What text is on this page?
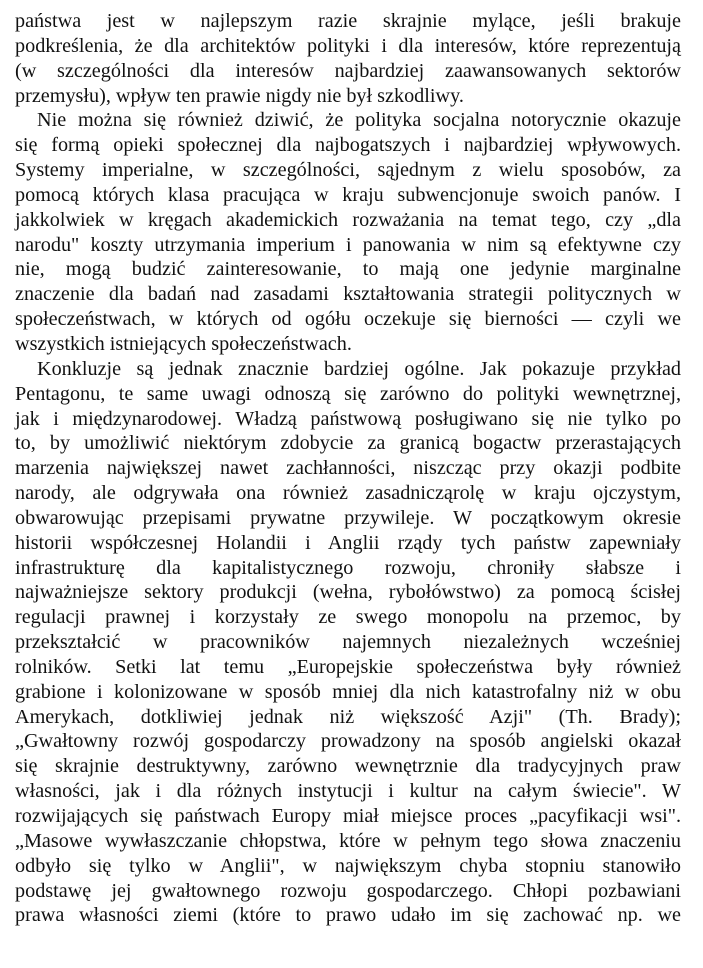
państwa jest w najlepszym razie skrajnie mylące, jeśli brakuje
podkreślenia, że dla architektów polityki i dla interesów, które reprezentują
(w szczególności dla interesów najbardziej zaawansowanych sektorów
przemysłu), wpływ ten prawie nigdy nie był szkodliwy.
Nie można się również dziwić, że polityka socjalna notorycznie okazuje
się formą opieki społecznej dla najbogatszych i najbardziej wpływowych.
Systemy imperialne, w szczególności, sąjednym z wielu sposobów, za
pomocą których klasa pracująca w kraju subwencjonuje swoich panów. I
jakkolwiek w kręgach akademickich rozważania na temat tego, czy „dla
narodu" koszty utrzymania imperium i panowania w nim są efektywne czy
nie, mogą budzić zainteresowanie, to mają one jedynie marginalne
znaczenie dla badań nad zasadami kształtowania strategii politycznych w
społeczeństwach, w których od ogółu oczekuje się bierności — czyli we
wszystkich istniejących społeczeństwach.
Konkluzje są jednak znacznie bardziej ogólne. Jak pokazuje przykład
Pentagonu, te same uwagi odnoszą się zarówno do polityki wewnętrznej,
jak i międzynarodowej. Władzą państwową posługiwano się nie tylko po
to, by umożliwić niektórym zdobycie za granicą bogactw przerastających
marzenia największej nawet zachłanności, niszcząc przy okazji podbite
narody, ale odgrywała ona również zasadnicząrolę w kraju ojczystym,
obwarowując przepisami prywatne przywileje. W początkowym okresie
historii współczesnej Holandii i Anglii rządy tych państw zapewniały
infrastrukturę dla kapitalistycznego rozwoju, chroniły słabsze i
najważniejsze sektory produkcji (wełna, rybołówstwo) za pomocą ścisłej
regulacji prawnej i korzystały ze swego monopolu na przemoc, by
przekształcić w pracowników najemnych niezależnych wcześniej
rolników. Setki lat temu „Europejskie społeczeństwa były również
grabione i kolonizowane w sposób mniej dla nich katastrofalny niż w obu
Amerykach, dotkliwiej jednak niż większość Azji" (Th. Brady);
„Gwałtowny rozwój gospodarczy prowadzony na sposób angielski okazał
się skrajnie destruktywny, zarówno wewnętrznie dla tradycyjnych praw
własności, jak i dla różnych instytucji i kultur na całym świecie". W
rozwijających się państwach Europy miał miejsce proces „pacyfikacji wsi".
„Masowe wywłaszczanie chłopstwa, które w pełnym tego słowa znaczeniu
odbyło się tylko w Anglii", w największym chyba stopniu stanowiło
podstawę jej gwałtownego rozwoju gospodarczego. Chłopi pozbawiani
prawa własności ziemi (które to prawo udało im się zachować np. we
